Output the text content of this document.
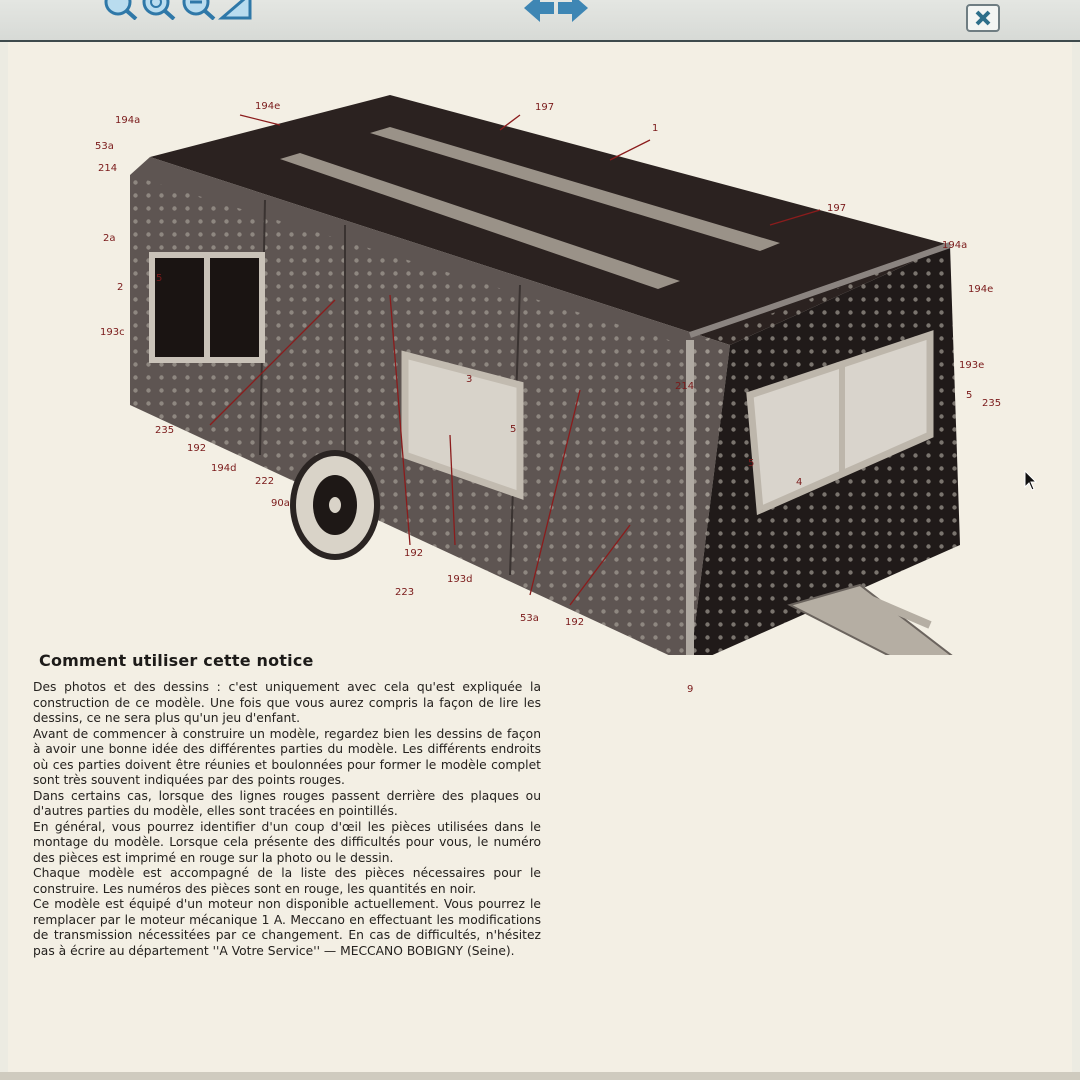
194a
194e	197
1
53a
214
2a
2
5
193c
235
192
194d
222
90a
3
5
214
197
194a
194e
193e
5
235
5
4
192
193d
223
53a	192
9
Comment utiliser cette notice

Des photos et des dessins : c'est uniquement avec cela qu'est expliquée la construction de ce modèle. Une fois que vous aurez compris la façon de lire les dessins, ce ne sera plus qu'un jeu d'enfant.

Avant de commencer à construire un modèle, regardez bien les dessins de façon à avoir une bonne idée des différentes parties du modèle. Les différents endroits où ces parties doivent être réunies et boulonnées pour former le modèle complet sont très souvent indiquées par des points rouges.

Dans certains cas, lorsque des lignes rouges passent derrière des plaques ou d'autres parties du modèle, elles sont tracées en pointillés.

En général, vous pourrez identifier d'un coup d'œil les pièces utilisées dans le montage du modèle. Lorsque cela présente des difficultés pour vous, le numéro des pièces est imprimé en rouge sur la photo ou le dessin.

Chaque modèle est accompagné de la liste des pièces nécessaires pour le construire. Les numéros des pièces sont en rouge, les quantités en noir.

Ce modèle est équipé d'un moteur non disponible actuellement. Vous pourrez le remplacer par le moteur mécanique 1 A. Meccano en effectuant les modifications de transmission nécessitées par ce changement. En cas de difficultés, n'hésitez pas à écrire au département ''A Votre Service'' — MECCANO BOBIGNY (Seine).
